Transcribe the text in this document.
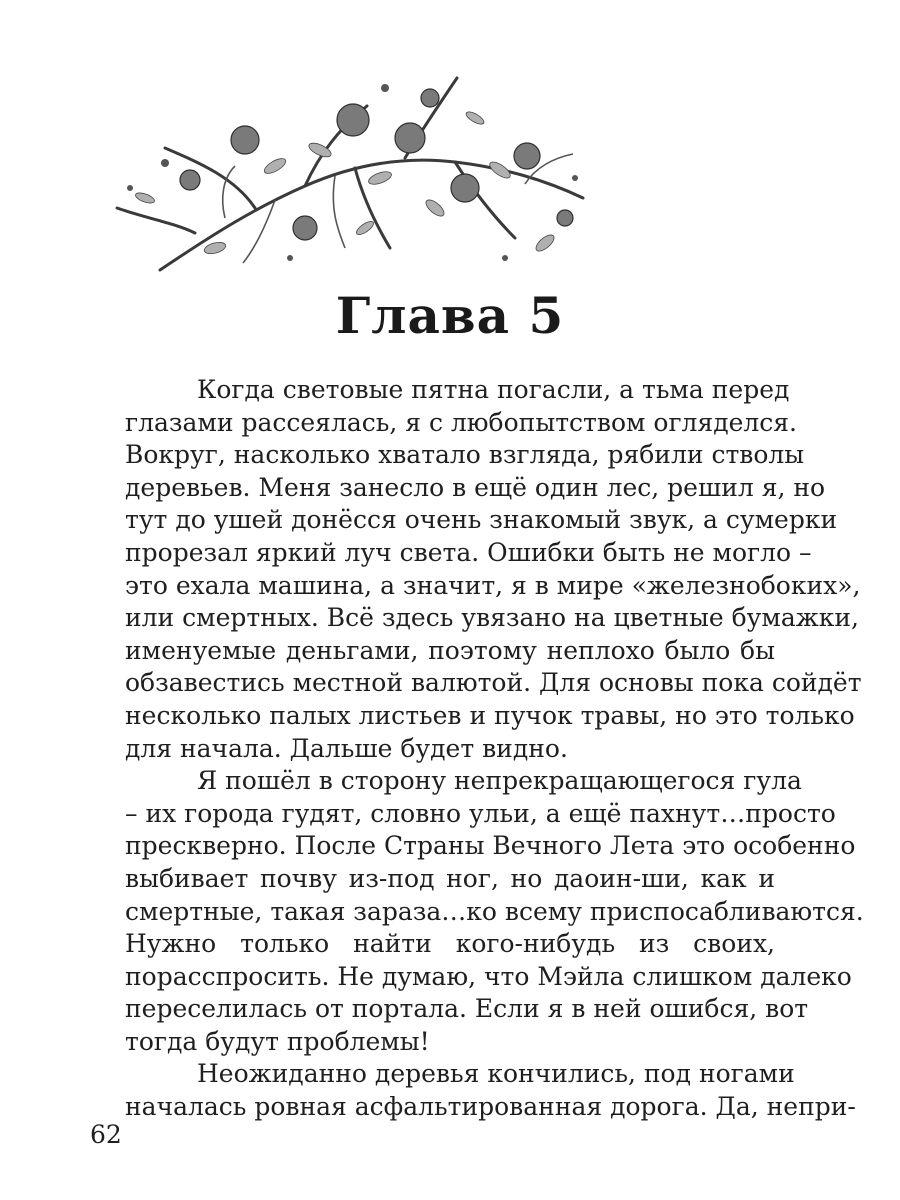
Глава 5
Когда световые пятна погасли, а тьма перед
глазами рассеялась, я с любопытством огляделся.
Вокруг, насколько хватало взгляда, рябили стволы
деревьев. Меня занесло в ещё один лес, решил я, но
тут до ушей донёсся очень знакомый звук, а сумерки
прорезал яркий луч света. Ошибки быть не могло –
это ехала машина, а значит, я в мире «железнобоких»,
или смертных. Всё здесь увязано на цветные бумажки,
именуемые деньгами, поэтому неплохо было бы
обзавестись местной валютой. Для основы пока сойдёт
несколько палых листьев и пучок травы, но это только
для начала. Дальше будет видно.
Я пошёл в сторону непрекращающегося гула
– их города гудят, словно ульи, а ещё пахнут…просто
прескверно. После Страны Вечного Лета это особенно
выбивает почву из-под ног, но даоин-ши, как и
смертные, такая зараза…ко всему приспосабливаются.
Нужно только найти кого-нибудь из своих,
порасспросить. Не думаю, что Мэйла слишком далеко
переселилась от портала. Если я в ней ошибся, вот
тогда будут проблемы!
Неожиданно деревья кончились, под ногами
началась ровная асфальтированная дорога. Да, непри-
62
